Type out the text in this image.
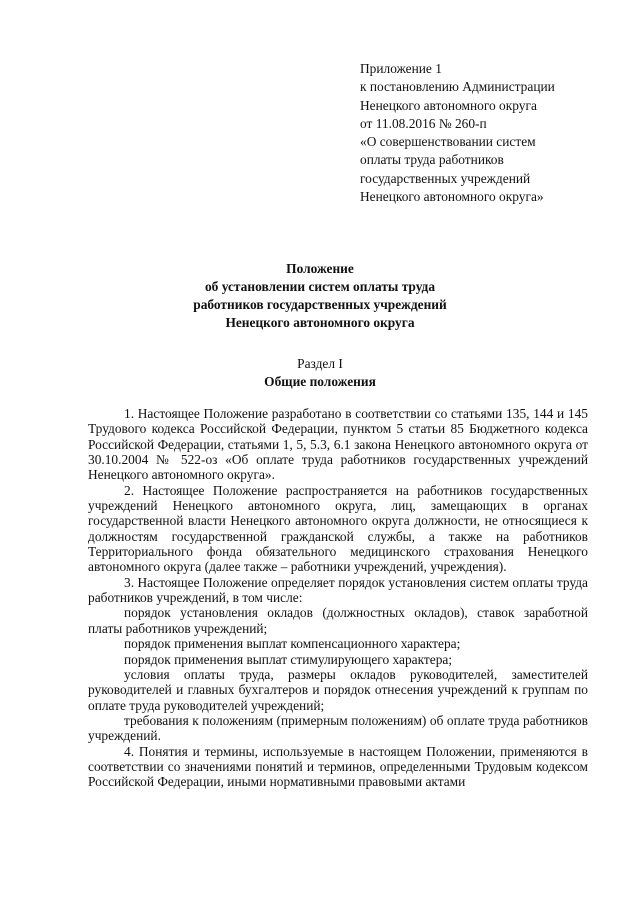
Приложение 1
к постановлению Администрации
Ненецкого автономного округа
от 11.08.2016 № 260-п
«О совершенствовании систем
оплаты труда работников
государственных учреждений
Ненецкого автономного округа»
Положение
об установлении систем оплаты труда
работников государственных учреждений
Ненецкого автономного округа
Раздел I
Общие положения

1. Настоящее Положение разработано в соответствии со статьями 135, 144 и 145 Трудового кодекса Российской Федерации, пунктом 5 статьи 85 Бюджетного кодекса Российской Федерации, статьями 1, 5, 5.3, 6.1 закона Ненецкого автономного округа от 30.10.2004 № 522-оз «Об оплате труда работников государственных учреждений Ненецкого автономного округа».

2. Настоящее Положение распространяется на работников государственных учреждений Ненецкого автономного округа, лиц, замещающих в органах государственной власти Ненецкого автономного округа должности, не относящиеся к должностям государственной гражданской службы, а также на работников Территориального фонда обязательного медицинского страхования Ненецкого автономного округа (далее также – работники учреждений, учреждения).

3. Настоящее Положение определяет порядок установления систем оплаты труда работников учреждений, в том числе:

порядок установления окладов (должностных окладов), ставок заработной платы работников учреждений;

порядок применения выплат компенсационного характера;

порядок применения выплат стимулирующего характера;

условия оплаты труда, размеры окладов руководителей, заместителей руководителей и главных бухгалтеров и порядок отнесения учреждений к группам по оплате труда руководителей учреждений;

требования к положениям (примерным положениям) об оплате труда работников учреждений.

4. Понятия и термины, используемые в настоящем Положении, применяются в соответствии со значениями понятий и терминов, определенными Трудовым кодексом Российской Федерации, иными нормативными правовыми актами
